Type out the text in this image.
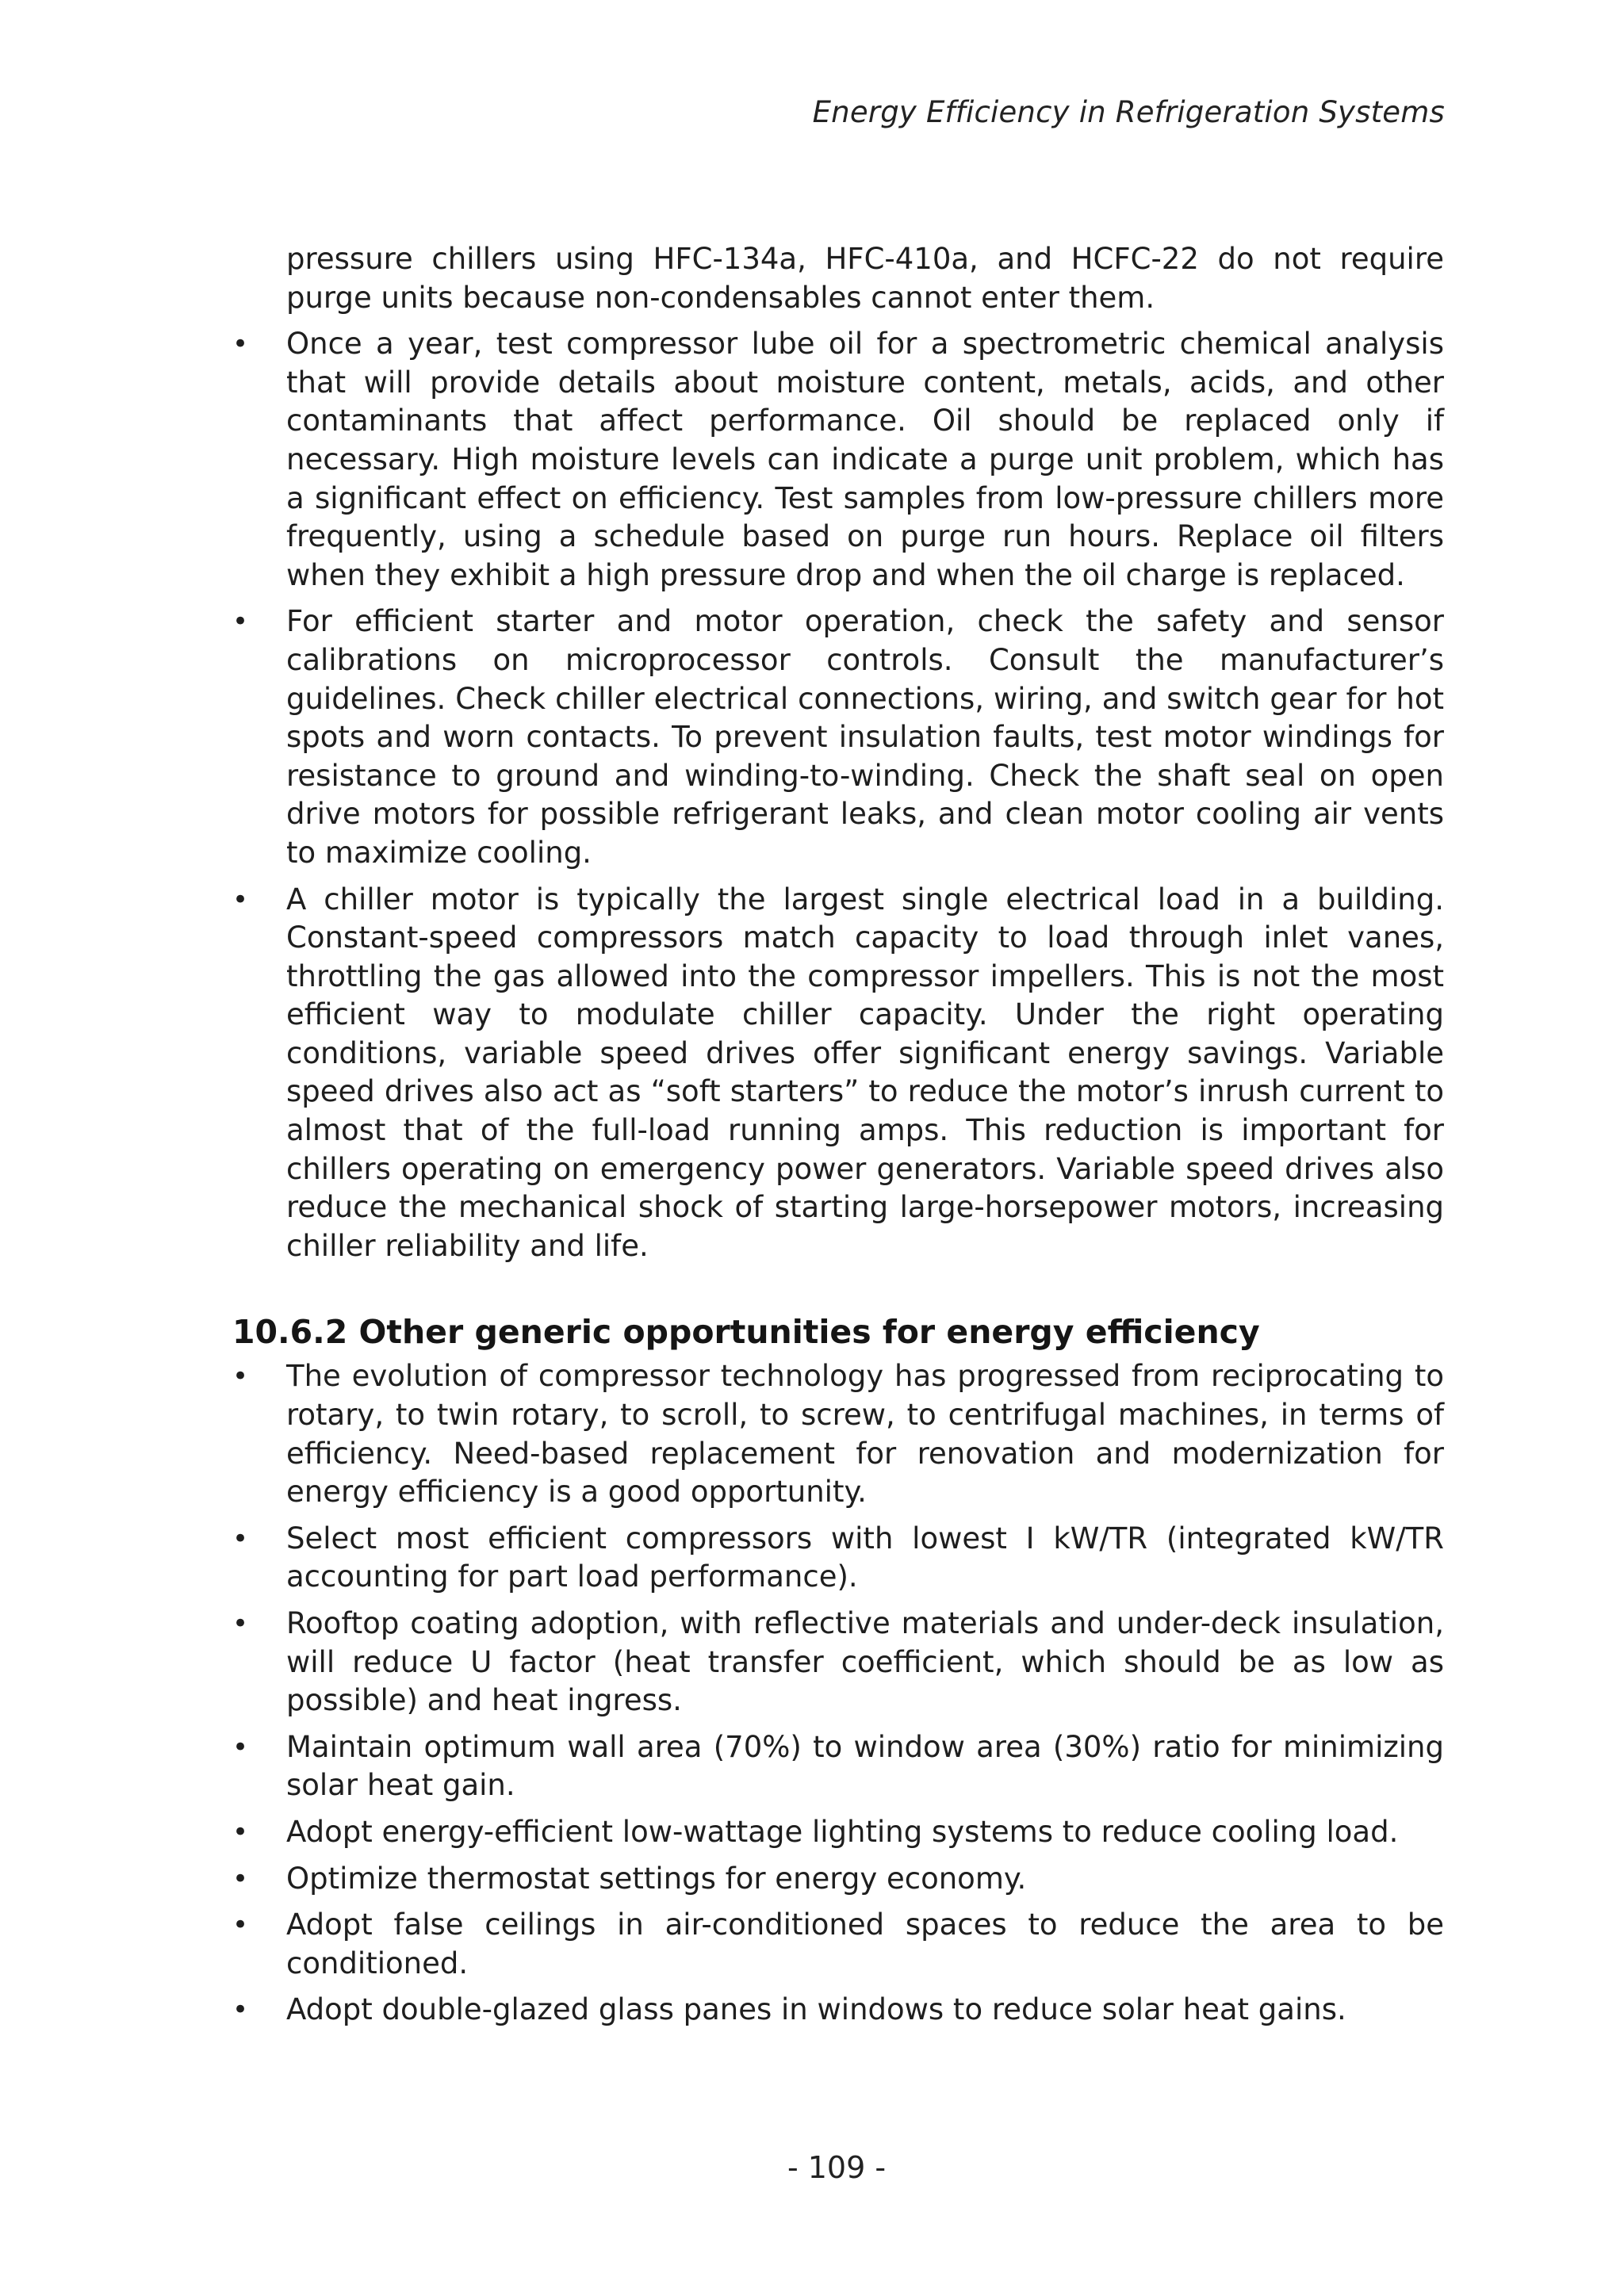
Energy Efficiency in Refrigeration Systems

pressure chillers using HFC-134a, HFC-410a, and HCFC-22 do not require purge units because non-condensables cannot enter them.

• Once a year, test compressor lube oil for a spectrometric chemical analysis that will provide details about moisture content, metals, acids, and other contaminants that affect performance. Oil should be replaced only if necessary. High moisture levels can indicate a purge unit problem, which has a significant effect on efficiency. Test samples from low-pressure chillers more frequently, using a schedule based on purge run hours. Replace oil filters when they exhibit a high pressure drop and when the oil charge is replaced.
• For efficient starter and motor operation, check the safety and sensor calibrations on microprocessor controls. Consult the manufacturer’s guidelines. Check chiller electrical connections, wiring, and switch gear for hot spots and worn contacts. To prevent insulation faults, test motor windings for resistance to ground and winding-to-winding. Check the shaft seal on open drive motors for possible refrigerant leaks, and clean motor cooling air vents to maximize cooling.
• A chiller motor is typically the largest single electrical load in a building. Constant-speed compressors match capacity to load through inlet vanes, throttling the gas allowed into the compressor impellers. This is not the most efficient way to modulate chiller capacity. Under the right operating conditions, variable speed drives offer significant energy savings. Variable speed drives also act as “soft starters” to reduce the motor’s inrush current to almost that of the full-load running amps. This reduction is important for chillers operating on emergency power generators. Variable speed drives also reduce the mechanical shock of starting large-horsepower motors, increasing chiller reliability and life.
10.6.2 Other generic opportunities for energy efficiency
• The evolution of compressor technology has progressed from reciprocating to rotary, to twin rotary, to scroll, to screw, to centrifugal machines, in terms of efficiency. Need-based replacement for renovation and modernization for energy efficiency is a good opportunity.
• Select most efficient compressors with lowest I kW/TR (integrated kW/TR accounting for part load performance).
• Rooftop coating adoption, with reflective materials and under-deck insulation, will reduce U factor (heat transfer coefficient, which should be as low as possible) and heat ingress.
• Maintain optimum wall area (70%) to window area (30%) ratio for minimizing solar heat gain.
• Adopt energy-efficient low-wattage lighting systems to reduce cooling load.
• Optimize thermostat settings for energy economy.
• Adopt false ceilings in air-conditioned spaces to reduce the area to be conditioned.
• Adopt double-glazed glass panes in windows to reduce solar heat gains.
- 109 -
